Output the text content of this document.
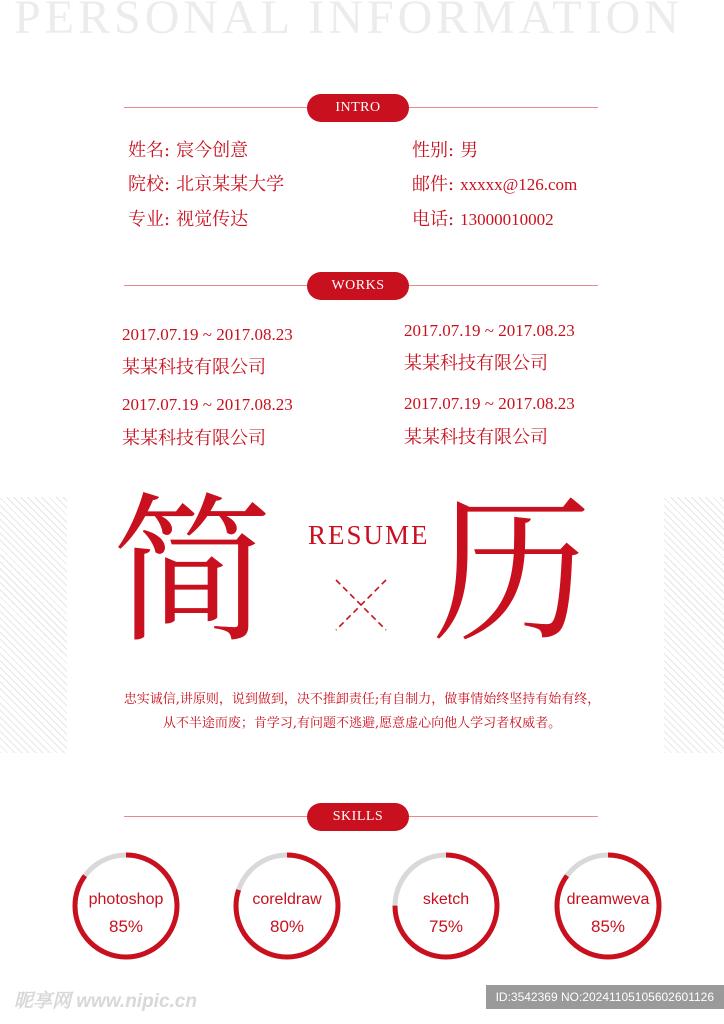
PERSONAL INFORMATION
INTRO
姓名: 宸今创意
院校: 北京某某大学
专业: 视觉传达
性别: 男
邮件: xxxxx@126.com
电话: 13000010002
WORKS
2017.07.19 ~ 2017.08.23
某某科技有限公司
2017.07.19 ~ 2017.08.23
某某科技有限公司
2017.07.19 ~ 2017.08.23
某某科技有限公司
2017.07.19 ~ 2017.08.23
某某科技有限公司
简 历
RESUME
忠实诚信,讲原则，说到做到，决不推卸责任;有自制力，做事情始终坚持有始有终，从不半途而废；肯学习,有问题不逃避,愿意虚心向他人学习者权威者。
SKILLS
photoshop
85%
coreldraw
80%
sketch
75%
dreamweva
85%
昵享网 www.nipic.cn	ID:3542369 NO:20241105105602601126
